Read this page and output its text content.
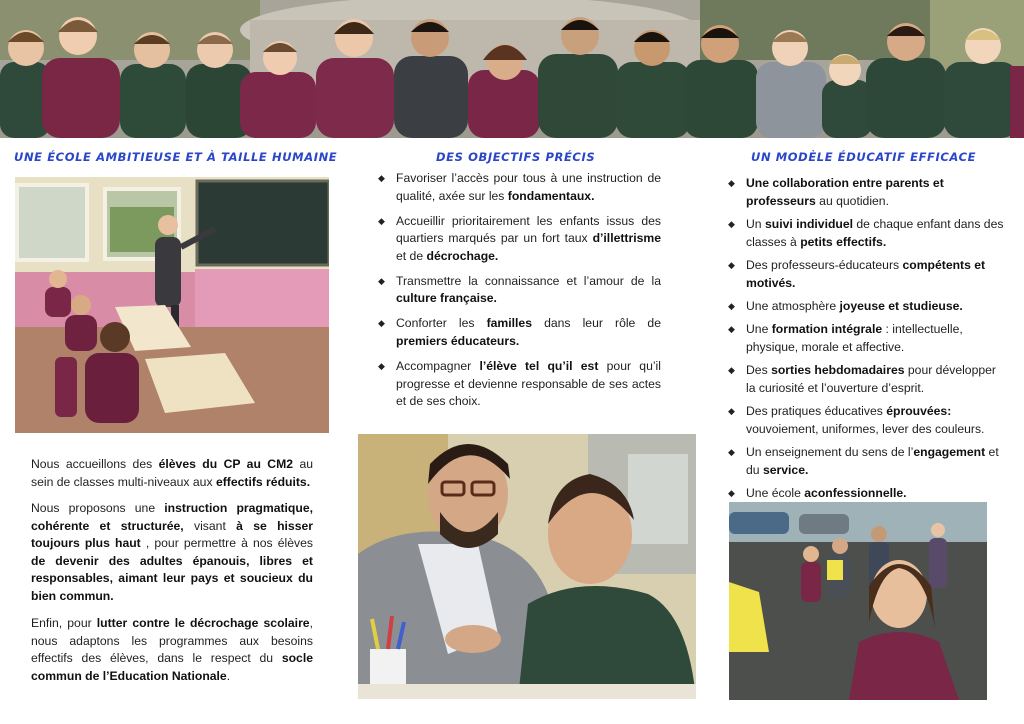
UNE ÉCOLE AMBITIEUSE ET À TAILLE HUMAINE	DES OBJECTIFS PRÉCIS	UN MODÈLE ÉDUCATIF EFFICACE

Nous accueillons des élèves du CP au CM2 au sein de classes multi-niveaux aux effectifs réduits.

Nous proposons une instruction pragmatique, cohérente et structurée, visant à se hisser toujours plus haut , pour permettre à nos élèves de devenir des adultes épanouis, libres et responsables, aimant leur pays et soucieux du bien commun.

Enfin, pour lutter contre le décrochage scolaire, nous adaptons les programmes aux besoins effectifs des élèves, dans le respect du socle commun de l’Education Nationale.

◆ Favoriser l’accès pour tous à une instruction de qualité, axée sur les fondamentaux.
◆ Accueillir prioritairement les enfants issus des quartiers marqués par un fort taux d’illettrisme et de décrochage.
◆ Transmettre la connaissance et l’amour de la culture française.
◆ Conforter les familles dans leur rôle de premiers éducateurs.
◆ Accompagner l’élève tel qu’il est pour qu’il progresse et devienne responsable de ses actes et de ses choix.
◆ Une collaboration entre parents et professeurs au quotidien.
◆ Un suivi individuel de chaque enfant dans des classes à petits effectifs.
◆ Des professeurs-éducateurs compétents et motivés.
◆ Une atmosphère joyeuse et studieuse.
◆ Une formation intégrale : intellectuelle, physique, morale et affective.
◆ Des sorties hebdomadaires pour développer la curiosité et l’ouverture d’esprit.
◆ Des pratiques éducatives éprouvées: vouvoiement, uniformes, lever des couleurs.
◆ Un enseignement du sens de l’engagement et du service.
◆ Une école aconfessionnelle.
